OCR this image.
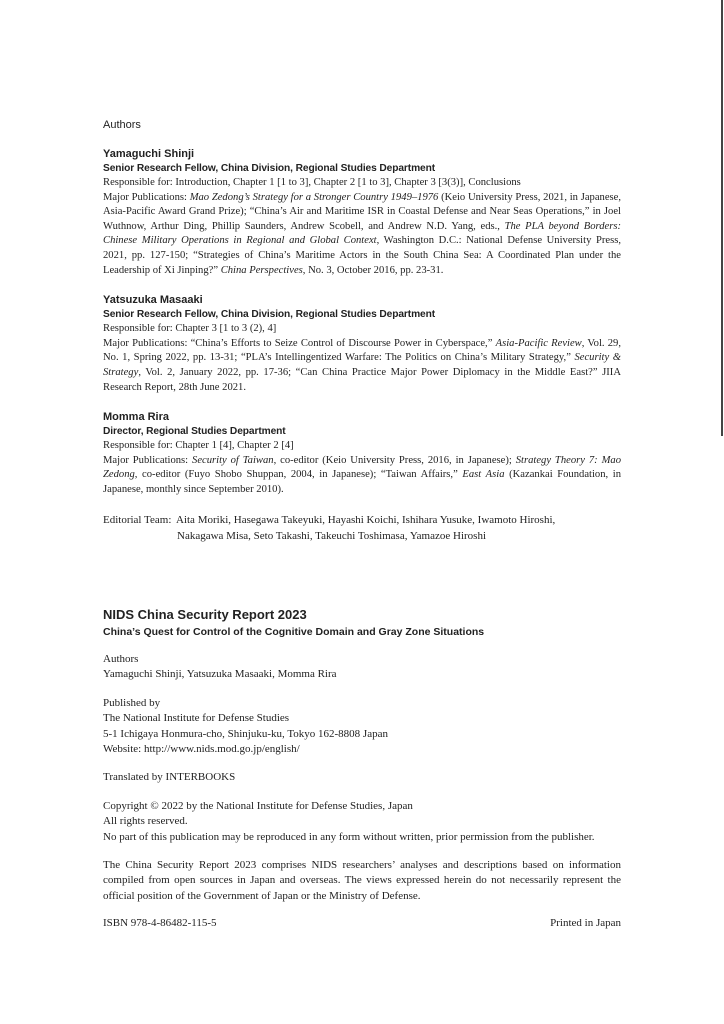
Authors
Yamaguchi Shinji
Senior Research Fellow, China Division, Regional Studies Department
Responsible for: Introduction, Chapter 1 [1 to 3], Chapter 2 [1 to 3], Chapter 3 [3(3)], Conclusions

Major Publications: Mao Zedong’s Strategy for a Stronger Country 1949–1976 (Keio University Press, 2021, in Japanese, Asia-Pacific Award Grand Prize); “China’s Air and Maritime ISR in Coastal Defense and Near Seas Operations,” in Joel Wuthnow, Arthur Ding, Phillip Saunders, Andrew Scobell, and Andrew N.D. Yang, eds., The PLA beyond Borders: Chinese Military Operations in Regional and Global Context, Washington D.C.: National Defense University Press, 2021, pp. 127-150; “Strategies of China’s Maritime Actors in the South China Sea: A Coordinated Plan under the Leadership of Xi Jinping?” China Perspectives, No. 3, October 2016, pp. 23-31.

Yatsuzuka Masaaki
Senior Research Fellow, China Division, Regional Studies Department
Responsible for: Chapter 3 [1 to 3 (2), 4]

Major Publications: “China’s Efforts to Seize Control of Discourse Power in Cyberspace,” Asia-Pacific Review, Vol. 29, No. 1, Spring 2022, pp. 13-31; “PLA’s Intellingentized Warfare: The Politics on China’s Military Strategy,” Security & Strategy, Vol. 2, January 2022, pp. 17-36; “Can China Practice Major Power Diplomacy in the Middle East?” JIIA Research Report, 28th June 2021.

Momma Rira
Director, Regional Studies Department
Responsible for: Chapter 1 [4], Chapter 2 [4]

Major Publications: Security of Taiwan, co-editor (Keio University Press, 2016, in Japanese); Strategy Theory 7: Mao Zedong, co-editor (Fuyo Shobo Shuppan, 2004, in Japanese); “Taiwan Affairs,” East Asia (Kazankai Foundation, in Japanese, monthly since September 2010).

Editorial Team: Aita Moriki, Hasegawa Takeyuki, Hayashi Koichi, Ishihara Yusuke, Iwamoto Hiroshi,
Nakagawa Misa, Seto Takashi, Takeuchi Toshimasa, Yamazoe Hiroshi
NIDS China Security Report 2023
China’s Quest for Control of the Cognitive Domain and Gray Zone Situations
Authors
Yamaguchi Shinji, Yatsuzuka Masaaki, Momma Rira
Published by
The National Institute for Defense Studies
5-1 Ichigaya Honmura-cho, Shinjuku-ku, Tokyo 162-8808 Japan
Website: http://www.nids.mod.go.jp/english/
Translated by INTERBOOKS
Copyright © 2022 by the National Institute for Defense Studies, Japan
All rights reserved.
No part of this publication may be reproduced in any form without written, prior permission from the publisher.
The China Security Report 2023 comprises NIDS researchers’ analyses and descriptions based on information compiled from open sources in Japan and overseas. The views expressed herein do not necessarily represent the official position of the Government of Japan or the Ministry of Defense.
ISBN 978-4-86482-115-5	Printed in Japan
